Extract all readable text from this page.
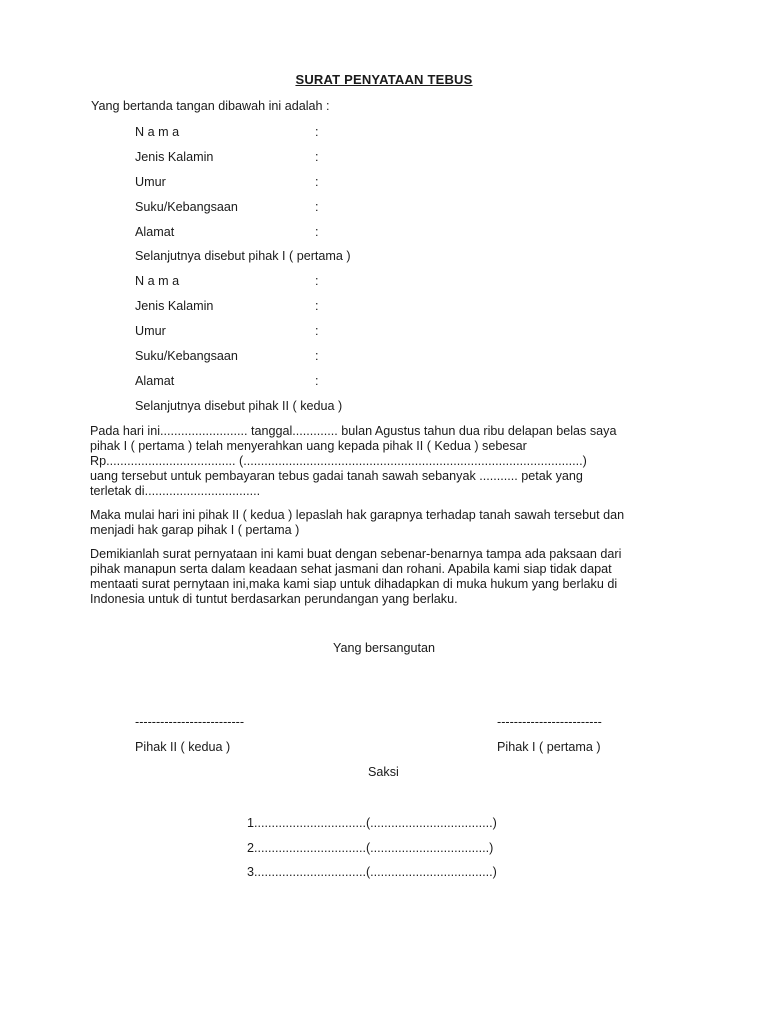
SURAT PENYATAAN TEBUS
Yang bertanda tangan dibawah ini adalah :
N a m a	:
Jenis Kalamin	:
Umur	:
Suku/Kebangsaan	:
Alamat	:
Selanjutnya disebut pihak I ( pertama )
N a m a	:
Jenis Kalamin	:
Umur	:
Suku/Kebangsaan	:
Alamat	:
Selanjutnya disebut pihak II ( kedua )
Pada hari ini......................... tanggal............. bulan Agustus tahun dua ribu delapan belas saya
pihak I ( pertama ) telah menyerahkan uang kepada pihak II ( Kedua ) sebesar
Rp..................................... (.................................................................................................)
uang tersebut untuk pembayaran tebus gadai tanah sawah sebanyak ........... petak yang
terletak di.................................
Maka mulai hari ini pihak II ( kedua ) lepaslah hak garapnya terhadap tanah sawah tersebut dan
menjadi hak garap pihak I ( pertama )
Demikianlah surat pernyataan ini kami buat dengan sebenar-benarnya tampa ada paksaan dari
pihak manapun serta dalam keadaan sehat jasmani dan rohani. Apabila kami siap tidak dapat
mentaati surat pernytaan ini,maka kami siap untuk dihadapkan di muka hukum yang berlaku di
Indonesia untuk di tuntut berdasarkan perundangan yang berlaku.
Yang bersangutan
--------------------------	-------------------------
Pihak II ( kedua )	Pihak I ( pertama )
Saksi
1................................(...................................)
2................................(..................................)
3................................(...................................)
